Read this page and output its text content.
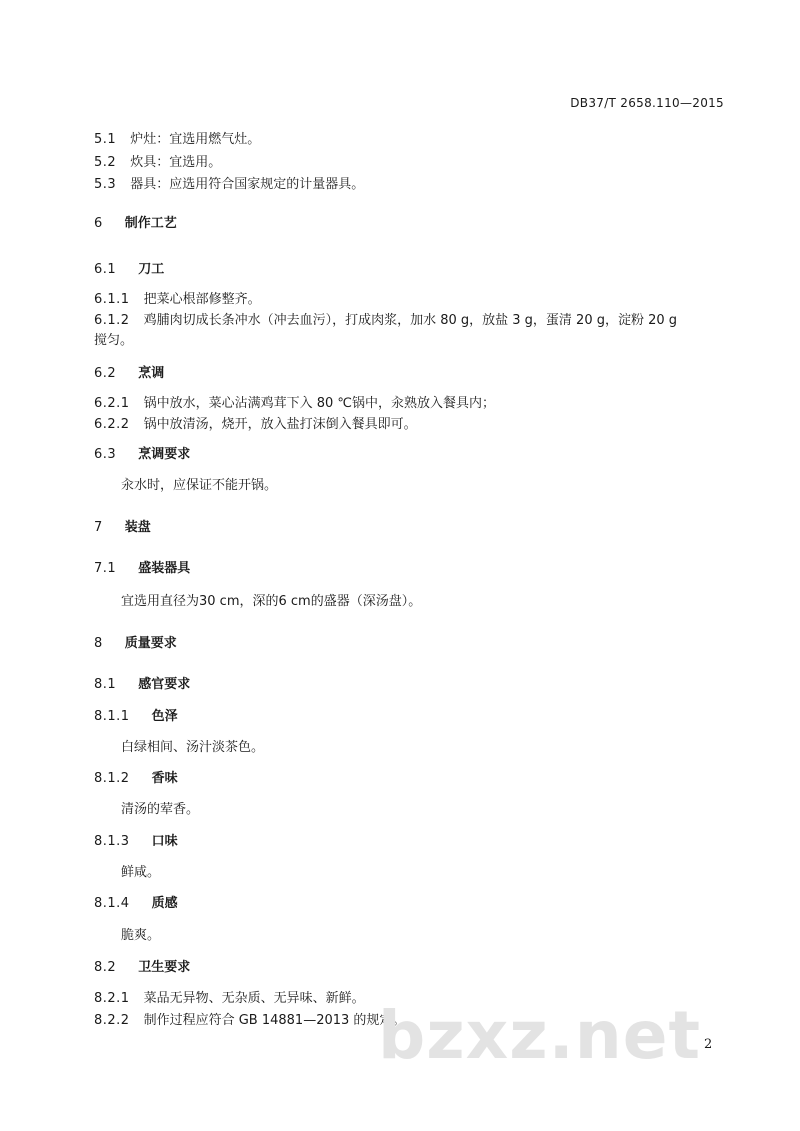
DB37/T 2658.110—2015
5.1 炉灶：宜选用燃气灶。
5.2 炊具：宜选用。
5.3 器具：应选用符合国家规定的计量器具。
6 制作工艺
6.1 刀工
6.1.1 把菜心根部修整齐。
6.1.2 鸡脯肉切成长条冲水（冲去血污），打成肉浆，加水 80 g，放盐 3 g，蛋清 20 g，淀粉 20 g
搅匀。
6.2 烹调
6.2.1 锅中放水，菜心沾满鸡茸下入 80 ℃锅中，汆熟放入餐具内；
6.2.2 锅中放清汤，烧开，放入盐打沫倒入餐具即可。
6.3 烹调要求
汆水时，应保证不能开锅。
7 装盘
7.1 盛装器具
宜选用直径为30 cm，深的6 cm的盛器（深汤盘）。
8 质量要求
8.1 感官要求
8.1.1 色泽
白绿相间、汤汁淡茶色。
8.1.2 香味
清汤的荤香。
8.1.3 口味
鲜咸。
8.1.4 质感
脆爽。
8.2 卫生要求
8.2.1 菜品无异物、无杂质、无异味、新鲜。
8.2.2 制作过程应符合 GB 14881—2013 的规定。
bzxz.net 2
